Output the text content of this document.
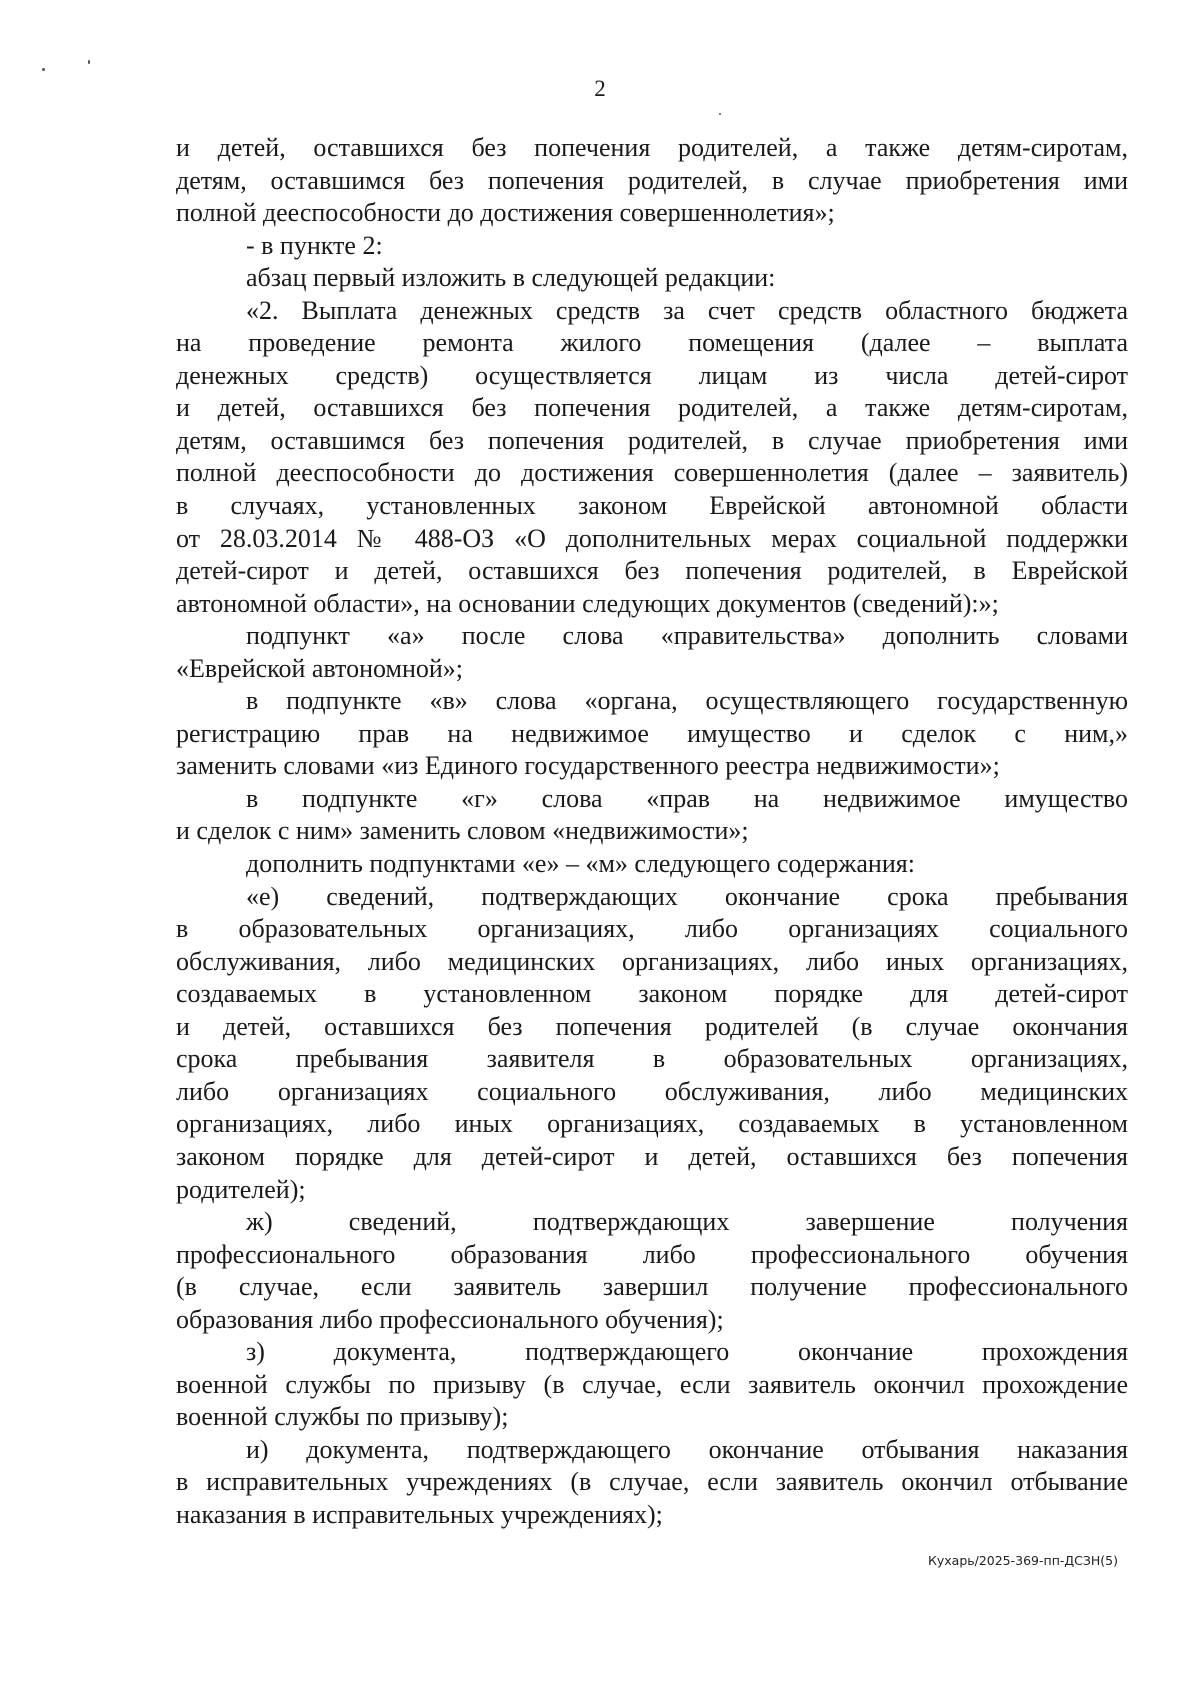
2
и детей, оставшихся без попечения родителей, а также детям-сиротам,
детям, оставшимся без попечения родителей, в случае приобретения ими
полной дееспособности до достижения совершеннолетия»;
- в пункте 2:
абзац первый изложить в следующей редакции:
«2. Выплата денежных средств за счет средств областного бюджета
на проведение ремонта жилого помещения (далее – выплата
денежных средств) осуществляется лицам из числа детей-сирот
и детей, оставшихся без попечения родителей, а также детям-сиротам,
детям, оставшимся без попечения родителей, в случае приобретения ими
полной дееспособности до достижения совершеннолетия (далее – заявитель)
в случаях, установленных законом Еврейской автономной области
от 28.03.2014 № 488-ОЗ «О дополнительных мерах социальной поддержки
детей-сирот и детей, оставшихся без попечения родителей, в Еврейской
автономной области», на основании следующих документов (сведений):»;
подпункт «а» после слова «правительства» дополнить словами
«Еврейской автономной»;
в подпункте «в» слова «органа, осуществляющего государственную
регистрацию прав на недвижимое имущество и сделок с ним,»
заменить словами «из Единого государственного реестра недвижимости»;
в подпункте «г» слова «прав на недвижимое имущество
и сделок с ним» заменить словом «недвижимости»;
дополнить подпунктами «е» – «м» следующего содержания:
«е) сведений, подтверждающих окончание срока пребывания
в образовательных организациях, либо организациях социального
обслуживания, либо медицинских организациях, либо иных организациях,
создаваемых в установленном законом порядке для детей-сирот
и детей, оставшихся без попечения родителей (в случае окончания
срока пребывания заявителя в образовательных организациях,
либо организациях социального обслуживания, либо медицинских
организациях, либо иных организациях, создаваемых в установленном
законом порядке для детей-сирот и детей, оставшихся без попечения
родителей);
ж) сведений, подтверждающих завершение получения
профессионального образования либо профессионального обучения
(в случае, если заявитель завершил получение профессионального
образования либо профессионального обучения);
з) документа, подтверждающего окончание прохождения
военной службы по призыву (в случае, если заявитель окончил прохождение
военной службы по призыву);
и) документа, подтверждающего окончание отбывания наказания
в исправительных учреждениях (в случае, если заявитель окончил отбывание
наказания в исправительных учреждениях);
Кухарь/2025-369-пп-ДСЗН(5)
